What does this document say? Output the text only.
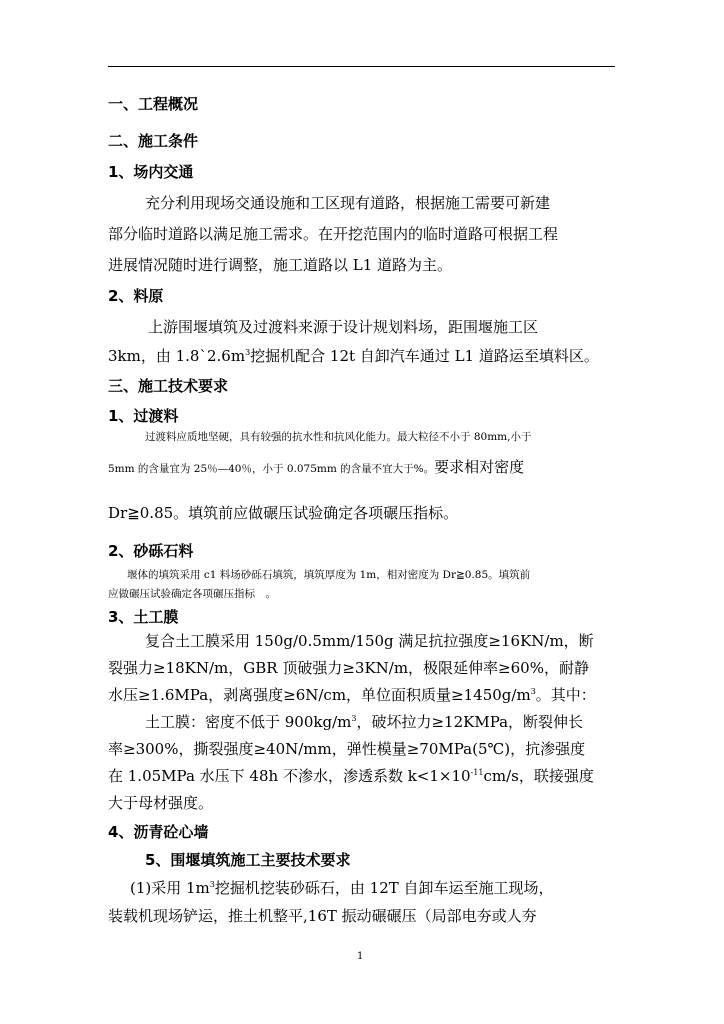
一、工程概况
二、施工条件
1、场内交通
充分利用现场交通设施和工区现有道路，根据施工需要可新建
部分临时道路以满足施工需求。在开挖范围内的临时道路可根据工程
进展情况随时进行调整，施工道路以 L1 道路为主。
2、料原
上游围堰填筑及过渡料来源于设计规划料场，距围堰施工区
3km，由 $1.8`2.6m^3$挖掘机配合 12t 自卸汽车通过 L1 道路运至填料区。
三、施工技术要求
1、过渡料
过渡料应质地坚硬，具有较强的抗水性和抗风化能力。最大粒径不小于 80mm,小于
5mm 的含量宜为 25％—40％，小于 0.075mm 的含量不宜大于%。要求相对密度
Dr≧0.85。填筑前应做碾压试验确定各项碾压指标。
2、砂砾石料
堰体的填筑采用 c1 料场砂砾石填筑，填筑厚度为 1m，相对密度为 Dr≧0.85。填筑前
应做碾压试验确定各项碾压指标　。
3、土工膜
复合土工膜采用 150g/0.5mm/150g 满足抗拉强度≥16KN/m，断
裂强力≥18KN/m，GBR 顶破强力≥3KN/m，极限延伸率≥60%，耐静
水压≥1.6MPa，剥离强度≥6N/cm，单位面积质量$\ge 1450g/m^3$。其中：
土工膜：密度不低于 $900kg/m^3$，破坏拉力≥12KMPa，断裂伸长
率≥300%，撕裂强度≥40N/mm，弹性模量≥70MPa(5℃)，抗渗强度
在 1.05MPa 水压下 48h 不渗水，渗透系数 $k<1\times 10^{-11}cm/s$，联接强度
大于母材强度。
4、沥青砼心墙
5、围堰填筑施工主要技术要求
(1)采用 $1m^3$挖掘机挖装砂砾石，由 12T 自卸车运至施工现场，
装载机现场铲运，推土机整平,16T 振动碾碾压（局部电夯或人夯
1
